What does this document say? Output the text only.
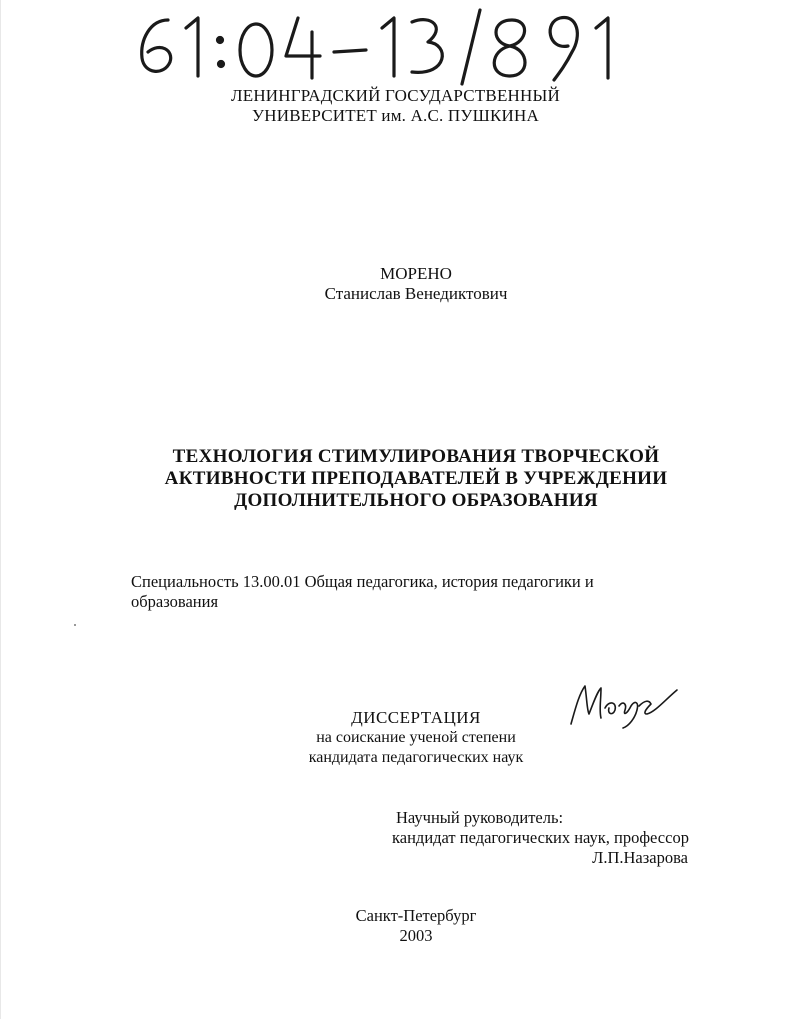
ЛЕНИНГРАДСКИЙ ГОСУДАРСТВЕННЫЙ
УНИВЕРСИТЕТ им. А.С. ПУШКИНА
МОРЕНО
Станислав Венедиктович
ТЕХНОЛОГИЯ СТИМУЛИРОВАНИЯ ТВОРЧЕСКОЙ
АКТИВНОСТИ ПРЕПОДАВАТЕЛЕЙ В УЧРЕЖДЕНИИ
ДОПОЛНИТЕЛЬНОГО ОБРАЗОВАНИЯ
Специальность 13.00.01 Общая педагогика, история педагогики и
образования
ДИССЕРТАЦИЯ
на соискание ученой степени
кандидата педагогических наук
Научный руководитель:
кандидат педагогических наук, профессор
Л.П.Назарова
Санкт-Петербург
2003
